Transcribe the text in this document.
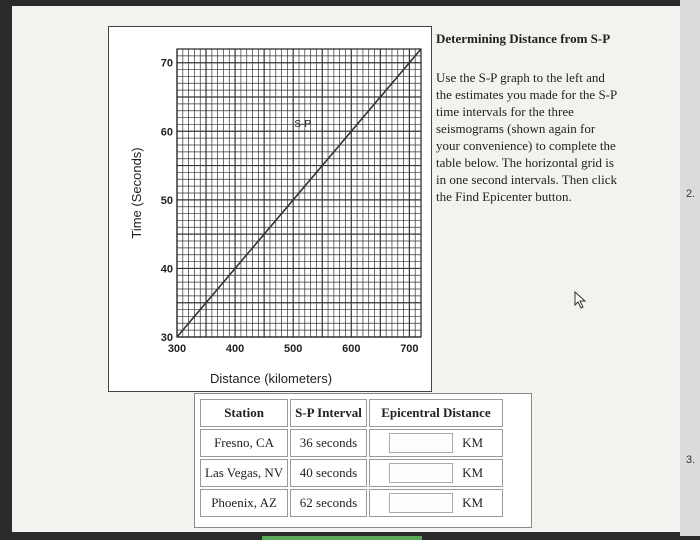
S-P
300	400	500	600	700
30
40
50
60
70
Distance (kilometers)
Time (Seconds)
Determining Distance from S-P
Use the S-P graph to the left and the estimates you made for the S-P time intervals for the three seismograms (shown again for your convenience) to complete the table below. The horizontal grid is in one second intervals. Then click the Find Epicenter button.
Station	S-P Interval	Epicentral Distance
Fresno, CA	36 seconds	KM
Las Vegas, NV	40 seconds	KM
Phoenix, AZ	62 seconds	KM
2.
3.
